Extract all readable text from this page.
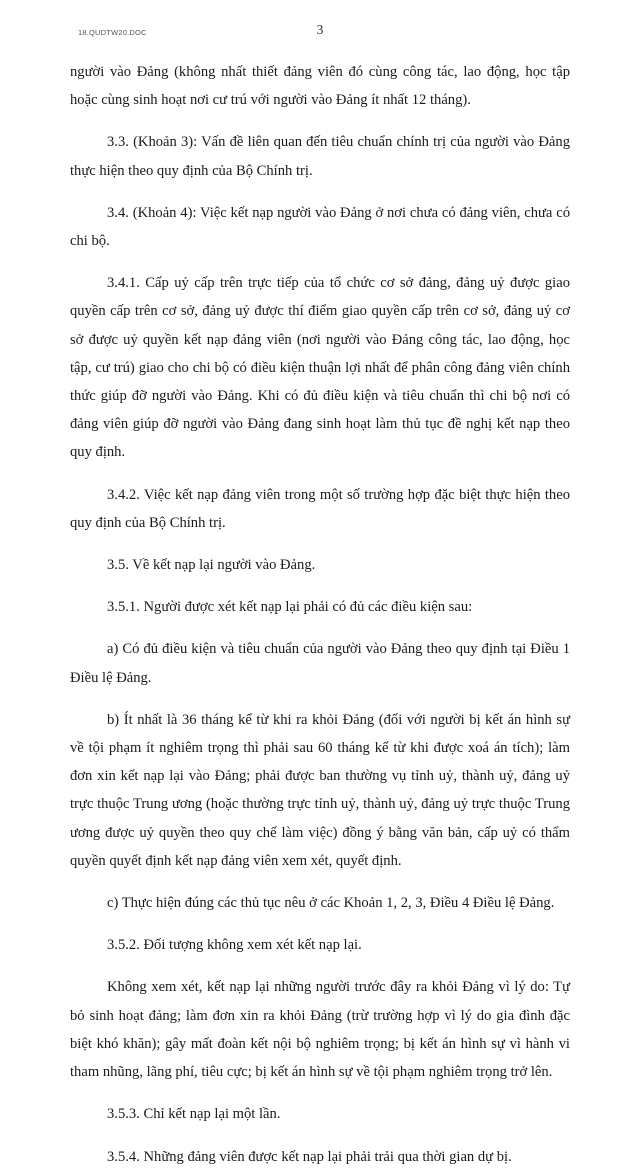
18.QUDTW20.DOC	3

người vào Đảng (không nhất thiết đảng viên đó cùng công tác, lao động, học tập hoặc cùng sinh hoạt nơi cư trú với người vào Đảng ít nhất 12 tháng).

3.3. (Khoản 3): Vấn đề liên quan đến tiêu chuẩn chính trị của người vào Đảng thực hiện theo quy định của Bộ Chính trị.

3.4. (Khoản 4): Việc kết nạp người vào Đảng ở nơi chưa có đảng viên, chưa có chi bộ.

3.4.1. Cấp uỷ cấp trên trực tiếp của tổ chức cơ sở đảng, đảng uỷ được giao quyền cấp trên cơ sở, đảng uỷ được thí điểm giao quyền cấp trên cơ sở, đảng uỷ cơ sở được uỷ quyền kết nạp đảng viên (nơi người vào Đảng công tác, lao động, học tập, cư trú) giao cho chi bộ có điều kiện thuận lợi nhất để phân công đảng viên chính thức giúp đỡ người vào Đảng. Khi có đủ điều kiện và tiêu chuẩn thì chi bộ nơi có đảng viên giúp đỡ người vào Đảng đang sinh hoạt làm thủ tục đề nghị kết nạp theo quy định.

3.4.2. Việc kết nạp đảng viên trong một số trường hợp đặc biệt thực hiện theo quy định của Bộ Chính trị.

3.5. Về kết nạp lại người vào Đảng.

3.5.1. Người được xét kết nạp lại phải có đủ các điều kiện sau:

a) Có đủ điều kiện và tiêu chuẩn của người vào Đảng theo quy định tại Điều 1 Điều lệ Đảng.

b) Ít nhất là 36 tháng kể từ khi ra khỏi Đảng (đối với người bị kết án hình sự về tội phạm ít nghiêm trọng thì phải sau 60 tháng kể từ khi được xoá án tích); làm đơn xin kết nạp lại vào Đảng; phải được ban thường vụ tỉnh uỷ, thành uỷ, đảng uỷ trực thuộc Trung ương (hoặc thường trực tỉnh uỷ, thành uỷ, đảng uỷ trực thuộc Trung ương được uỷ quyền theo quy chế làm việc) đồng ý bằng văn bản, cấp uỷ có thẩm quyền quyết định kết nạp đảng viên xem xét, quyết định.

c) Thực hiện đúng các thủ tục nêu ở các Khoản 1, 2, 3, Điều 4 Điều lệ Đảng.

3.5.2. Đối tượng không xem xét kết nạp lại.

Không xem xét, kết nạp lại những người trước đây ra khỏi Đảng vì lý do: Tự bỏ sinh hoạt đảng; làm đơn xin ra khỏi Đảng (trừ trường hợp vì lý do gia đình đặc biệt khó khăn); gây mất đoàn kết nội bộ nghiêm trọng; bị kết án hình sự vì hành vi tham nhũng, lãng phí, tiêu cực; bị kết án hình sự về tội phạm nghiêm trọng trở lên.

3.5.3. Chỉ kết nạp lại một lần.

3.5.4. Những đảng viên được kết nạp lại phải trải qua thời gian dự bị.
